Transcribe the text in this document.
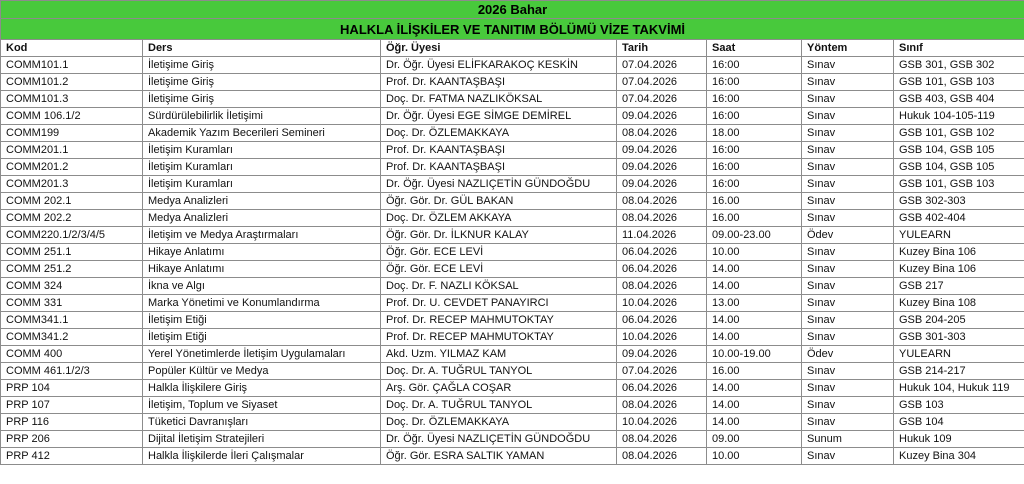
2026 Bahar						
HALKLA İLİŞKİLER VE TANITIM BÖLÜMÜ VİZE TAKVİMİ						
Kod	Ders	Öğr. Üyesi	Tarih	Saat	Yöntem	Sınıf
COMM101.1	İletişime Giriş	Dr. Öğr. Üyesi ELİFKARAKOÇ KESKİN	07.04.2026	16:00	Sınav	GSB 301, GSB 302
COMM101.2	İletişime Giriş	Prof. Dr. KAANTAŞBAŞI	07.04.2026	16:00	Sınav	GSB 101, GSB 103
COMM101.3	İletişime Giriş	Doç. Dr. FATMA NAZLIKÖKSAL	07.04.2026	16:00	Sınav	GSB 403, GSB 404
COMM 106.1/2	Sürdürülebilirlik İletişimi	Dr. Öğr. Üyesi EGE SİMGE DEMİREL	09.04.2026	16:00	Sınav	Hukuk 104-105-119
COMM199	Akademik Yazım Becerileri Semineri	Doç. Dr. ÖZLEMAKKAYA	08.04.2026	18.00	Sınav	GSB 101, GSB 102
COMM201.1	İletişim Kuramları	Prof. Dr. KAANTAŞBAŞI	09.04.2026	16:00	Sınav	GSB 104, GSB 105
COMM201.2	İletişim Kuramları	Prof. Dr. KAANTAŞBAŞI	09.04.2026	16:00	Sınav	GSB 104, GSB 105
COMM201.3	İletişim Kuramları	Dr. Öğr. Üyesi NAZLIÇETİN GÜNDOĞDU	09.04.2026	16:00	Sınav	GSB 101, GSB 103
COMM 202.1	Medya Analizleri	Öğr. Gör. Dr. GÜL BAKAN	08.04.2026	16.00	Sınav	GSB 302-303
COMM 202.2	Medya Analizleri	Doç. Dr. ÖZLEM AKKAYA	08.04.2026	16.00	Sınav	GSB 402-404
COMM220.1/2/3/4/5	İletişim ve Medya Araştırmaları	Öğr. Gör. Dr. İLKNUR KALAY	11.04.2026	09.00-23.00	Ödev	YULEARN
COMM 251.1	Hikaye Anlatımı	Öğr. Gör. ECE LEVİ	06.04.2026	10.00	Sınav	Kuzey Bina 106
COMM 251.2	Hikaye Anlatımı	Öğr. Gör. ECE LEVİ	06.04.2026	14.00	Sınav	Kuzey Bina 106
COMM 324	İkna ve Algı	Doç. Dr. F. NAZLI KÖKSAL	08.04.2026	14.00	Sınav	GSB 217
COMM 331	Marka Yönetimi ve Konumlandırma	Prof. Dr. U. CEVDET PANAYIRCI	10.04.2026	13.00	Sınav	Kuzey Bina 108
COMM341.1	İletişim Etiği	Prof. Dr. RECEP MAHMUTOKTAY	06.04.2026	14.00	Sınav	GSB 204-205
COMM341.2	İletişim Etiği	Prof. Dr. RECEP MAHMUTOKTAY	10.04.2026	14.00	Sınav	GSB 301-303
COMM 400	Yerel Yönetimlerde İletişim Uygulamaları	Akd. Uzm. YILMAZ KAM	09.04.2026	10.00-19.00	Ödev	YULEARN
COMM 461.1/2/3	Popüler Kültür ve Medya	Doç. Dr. A. TUĞRUL TANYOL	07.04.2026	16.00	Sınav	GSB 214-217
PRP 104	Halkla İlişkilere Giriş	Arş. Gör. ÇAĞLA COŞAR	06.04.2026	14.00	Sınav	Hukuk 104, Hukuk 119
PRP 107	İletişim, Toplum ve Siyaset	Doç. Dr. A. TUĞRUL TANYOL	08.04.2026	14.00	Sınav	GSB 103
PRP 116	Tüketici Davranışları	Doç. Dr. ÖZLEMAKKAYA	10.04.2026	14.00	Sınav	GSB 104
PRP 206	Dijital İletişim Stratejileri	Dr. Öğr. Üyesi NAZLIÇETİN GÜNDOĞDU	08.04.2026	09.00	Sunum	Hukuk 109
PRP 412	Halkla İlişkilerde İleri Çalışmalar	Öğr. Gör. ESRA SALTIK YAMAN	08.04.2026	10.00	Sınav	Kuzey Bina 304
